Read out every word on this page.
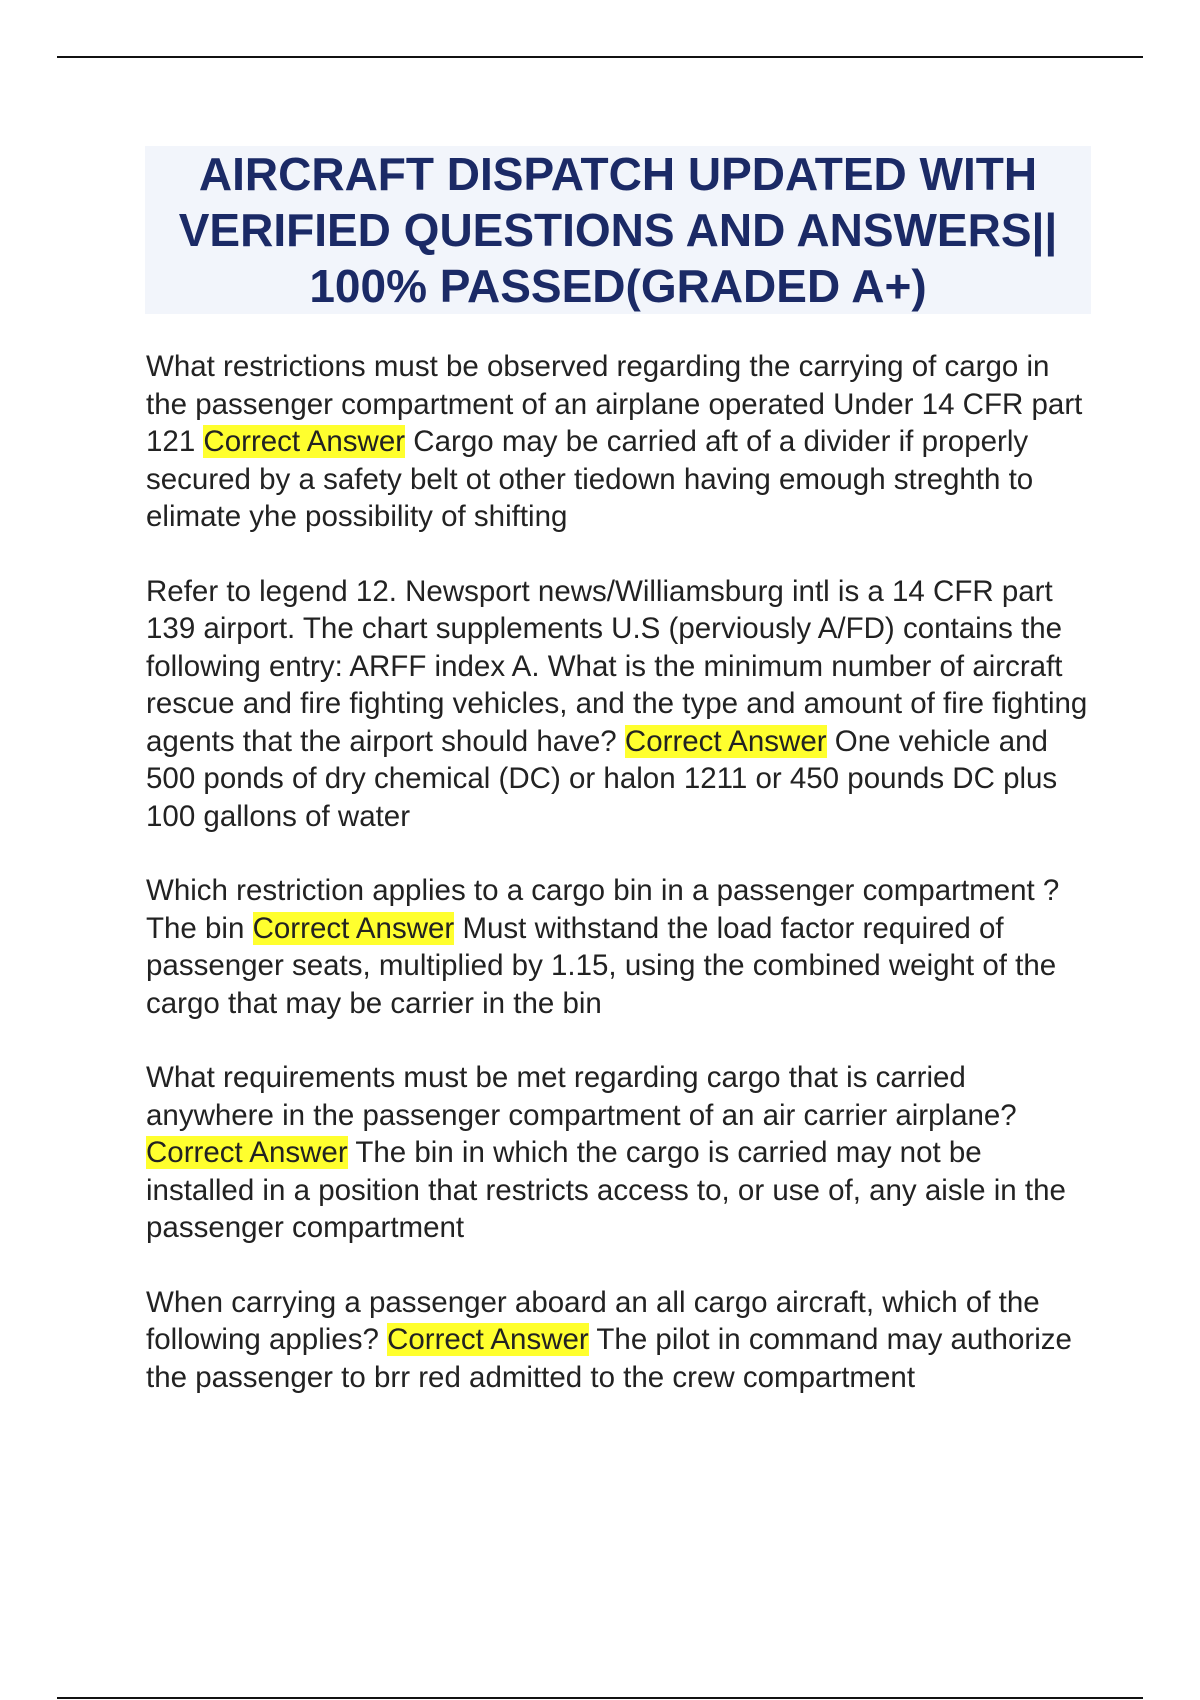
AIRCRAFT DISPATCH UPDATED WITH VERIFIED QUESTIONS AND ANSWERS|| 100% PASSED(GRADED A+)

What restrictions must be observed regarding the carrying of cargo in the passenger compartment of an airplane operated Under 14 CFR part 121 Correct Answer Cargo may be carried aft of a divider if properly secured by a safety belt ot other tiedown having emough streghth to elimate yhe possibility of shifting

Refer to legend 12. Newsport news/Williamsburg intl is a 14 CFR part 139 airport. The chart supplements U.S (perviously A/FD) contains the following entry: ARFF index A. What is the minimum number of aircraft rescue and fire fighting vehicles, and the type and amount of fire fighting agents that the airport should have? Correct Answer One vehicle and 500 ponds of dry chemical (DC) or halon 1211 or 450 pounds DC plus 100 gallons of water

Which restriction applies to a cargo bin in a passenger compartment ? The bin Correct Answer Must withstand the load factor required of passenger seats, multiplied by 1.15, using the combined weight of the cargo that may be carrier in the bin

What requirements must be met regarding cargo that is carried anywhere in the passenger compartment of an air carrier airplane? Correct Answer The bin in which the cargo is carried may not be installed in a position that restricts access to, or use of, any aisle in the passenger compartment

When carrying a passenger aboard an all cargo aircraft, which of the following applies? Correct Answer The pilot in command may authorize the passenger to brr red admitted to the crew compartment
